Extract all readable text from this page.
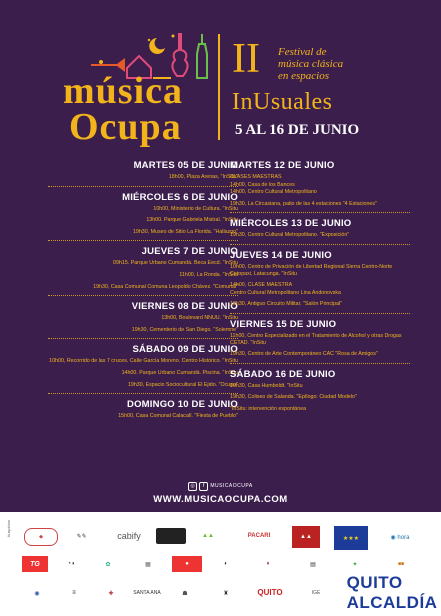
música
Ocupa
II Festival de
música clásica
en espacios
InUsuales
5 AL 16 DE JUNIO
MARTES 05 DE JUNIO
18h00, Plaza Arenas, "InSitu"
MIÉRCOLES 6 DE JUNIO
10h00, Ministerio de Cultura. "InSitu
13h00. Parque Gabriela Mistral. "InSitu
19h30, Museo de Sitio La Florida. "Hallazgo"
JUEVES 7 DE JUNIO
09h15. Parque Urbano Cumandá. Beca Eecd. "InSitu
11h00, La Ronda. "InSitu
19h30, Casa Comunal Comuna Leopoldo Chávez. "Comunal"
VIERNES 08 DE JUNIO
13h00, Boulevard NNUU. "InSitu
19h30, Cementerio de San Diego. "Solemne"
SÁBADO 09 DE JUNIO
10h00, Recorrido de las 7 cruces. Calle García Moreno. Centro Histórico. "InSitu
14h00. Parque Urbano Cumandá. Piscina. "InSitu
19h30, Espacio Sociocultural El Ejido. "Ocupa"
DOMINGO 10 DE JUNIO
15h00, Casa Comunal Calacalí. "Fiesta de Pueblo"
MARTES 12 DE JUNIO
CLASES MAESTRAS
14h00, Casa de los Bances
14h00, Centro Cultural Metropolitano
19h30, La Circasiana, patio de las 4 estaciones "4 Estaciones"
MIÉRCOLES 13 DE JUNIO
19h30, Centro Cultural Metropolitano. "Exposición"
JUEVES 14 DE JUNIO
10h00, Centro de Privación de Libertad Regional Sierra Centro-Norte Cotopaxi, Latacunga. "InSitu
14h00, CLASE MAESTRA
Centro Cultural Metropolitano Lina Andonovska
19h30, Antiguo Circuito Militar. "Salón Principal"
VIERNES 15 DE JUNIO
11h00, Centro Especializado en el Tratamiento de Alcohol y otras Drogas CETAD. "InSitu
19h30, Centro de Arte Contemporáneo CAC "Rosa de Amigos"
SÁBADO 16 DE JUNIO
10h30, Casa Humboldt. "InSitu
19h30, Coliseo de Salanda. "Epílogo: Ciudad Modelo"
"InSitu: intervención espontánea
◎ f MUSICAOCUPA
WWW.MUSICAOCUPA.COM
Auspician	◆	✎✎	cabify	▲▲	PACARI	▲▲	★★★	◉ hora
TG	◔◑	✿	▦	●	◐	♦	▤	✦	■■
◉	≡	✚	SANTA ANA	☗	♜	QUITO	IGE
QUITO ALCALDÍA
